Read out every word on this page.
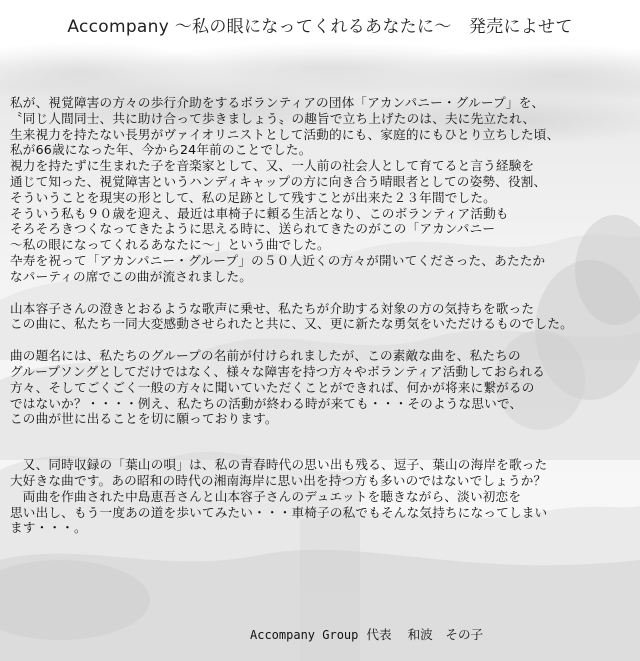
Accompany 〜私の眼になってくれるあなたに〜　発売によせて
私が、視覚障害の方々の歩行介助をするボランティアの団体「アカンパニー・グループ」を、
〝同じ人間同士、共に助け合って歩きましょう〟の趣旨で立ち上げたのは、夫に先立たれ、
生来視力を持たない長男がヴァイオリニストとして活動的にも、家庭的にもひとり立ちした頃、
私が66歳になった年、今から24年前のことでした。
視力を持たずに生まれた子を音楽家として、又、一人前の社会人として育てると言う経験を
通じて知った、視覚障害というハンディキャップの方に向き合う晴眼者としての姿勢、役割、
そういうことを現実の形として、私の足跡として残すことが出来た２３年間でした。
そういう私も９０歳を迎え、最近は車椅子に頼る生活となり、このボランティア活動も
そろそろきつくなってきたように思える時に、送られてきたのがこの「アカンパニー
〜私の眼になってくれるあなたに〜」という曲でした。
卆寿を祝って「アカンパニー・グループ」の５０人近くの方々が開いてくださった、あたたか
なパーティの席でこの曲が流されました。
山本容子さんの澄きとおるような歌声に乗せ、私たちが介助する対象の方の気持ちを歌った
この曲に、私たち一同大変感動させられたと共に、又、更に新たな勇気をいただけるものでした。
曲の題名には、私たちのグループの名前が付けられましたが、この素敵な曲を、私たちの
グループソングとしてだけではなく、様々な障害を持つ方々やボランティア活動しておられる
方々、そしてごくごく一般の方々に聞いていただくことができれば、何かが将来に繋がるの
ではないか？・・・・例え、私たちの活動が終わる時が来ても・・・そのような思いで、
この曲が世に出ることを切に願っております。
　又、同時収録の「葉山の唄」は、私の青春時代の思い出も残る、逗子、葉山の海岸を歌った
大好きな曲です。あの昭和の時代の湘南海岸に思い出を持つ方も多いのではないでしょうか？
　両曲を作曲された中島恵吾さんと山本容子さんのデュエットを聴きながら、淡い初恋を
思い出し、もう一度あの道を歩いてみたい・・・車椅子の私でもそんな気持ちになってしまい
ます・・・。
Accompany Group 代表 和波　その子
